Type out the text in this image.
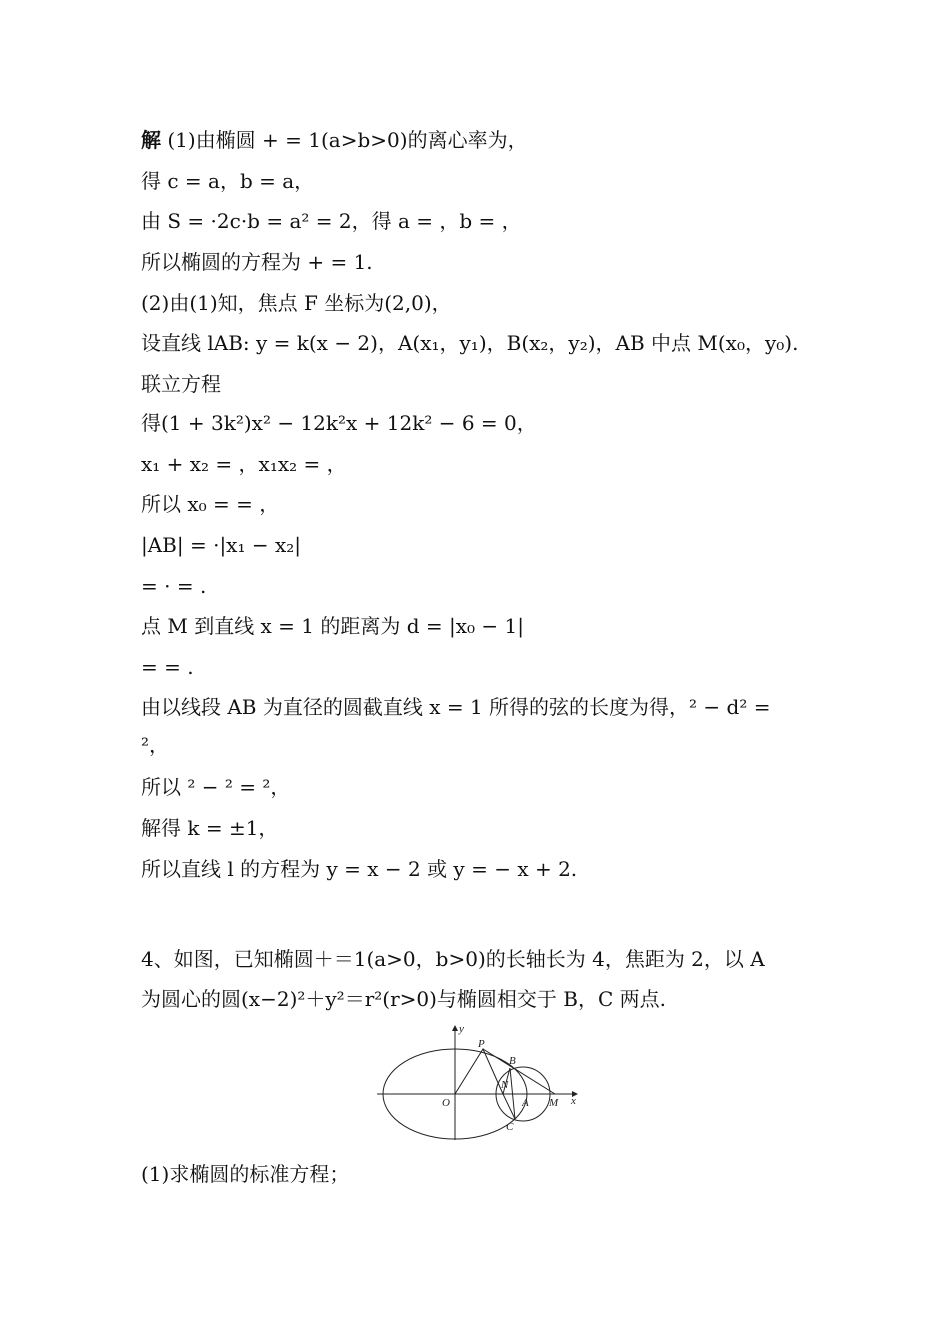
解 (1)由椭圆 + = 1(a>b>0)的离心率为，
得 c = a，b = a，
由 S = ·2c·b = a² = 2，得 a = ，b = ，
所以椭圆的方程为 + = 1.
(2)由(1)知，焦点 F 坐标为(2,0)，
设直线 lAB: y = k(x − 2)，A(x₁，y₁)，B(x₂，y₂)，AB 中点 M(x₀，y₀).
联立方程
得(1 + 3k²)x² − 12k²x + 12k² − 6 = 0，
x₁ + x₂ = ，x₁x₂ = ，
所以 x₀ = = ，
|AB| = ·|x₁ − x₂|
= · = .
点 M 到直线 x = 1 的距离为 d = |x₀ − 1|
= = .
由以线段 AB 为直径的圆截直线 x = 1 所得的弦的长度为得，² − d² =
²，
所以 ² − ² = ²，
解得 k = ±1，
所以直线 l 的方程为 y = x − 2 或 y = − x + 2.
4、如图，已知椭圆＋＝1(a>0，b>0)的长轴长为 4，焦距为 2，以 A
为圆心的圆(x−2)²＋y²＝r²(r>0)与椭圆相交于 B，C 两点.
y
x
O
P
B
N
A M
C
(1)求椭圆的标准方程；
